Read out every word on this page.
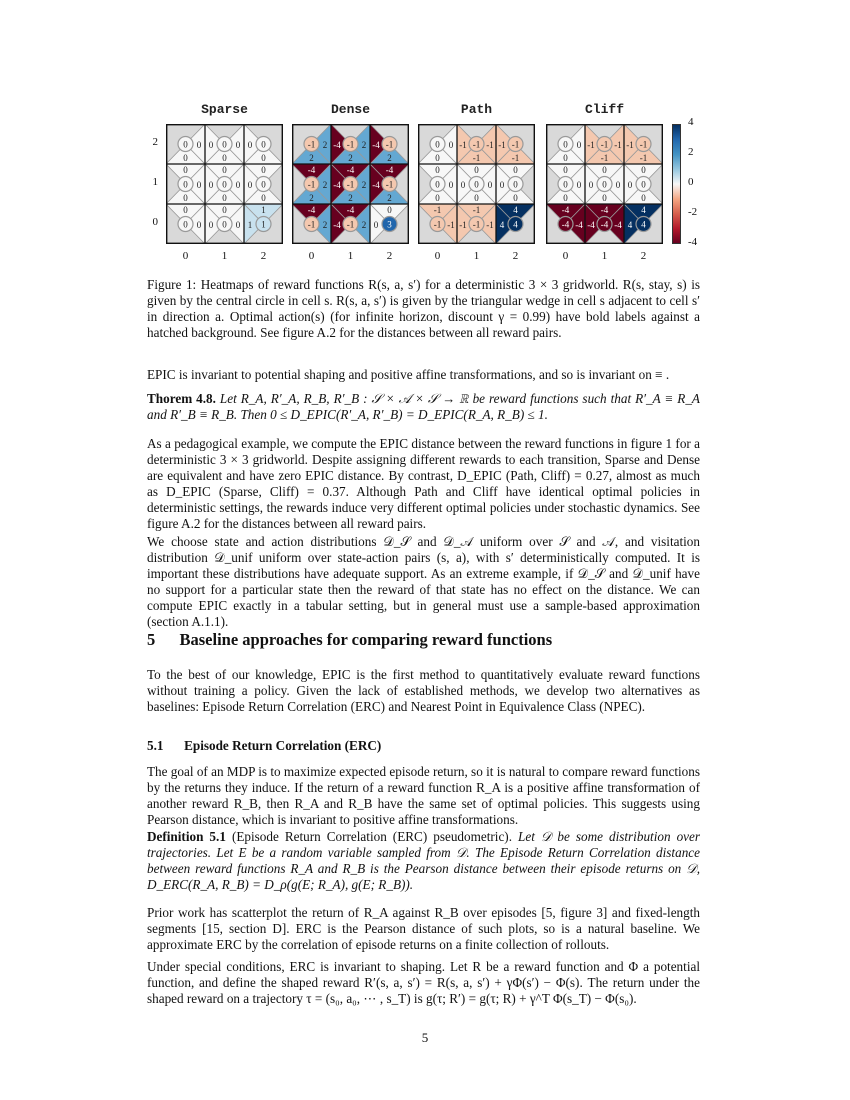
Sparse	Dense	Path	Cliff
0
0
0
0
0
0
0
0
0
0
0
0	0
0
0
0
0	0
0
0
0	0
0
1
1 1
0
0
0 0
0
0 0
-4
2
-1
-4
2
2
-1
2
2
-1
-4
-4 2
-1
-4
2
-4 2
-1
2
-4 2
-1
0
0 3
-4
2
-4 -1
2
-4 -1
-1
-1
-1
0
0
0
0
0
0
0
-1
-1 -1
-1
0
0
0	0
0
-1
-1 -1
-1
4
4 4
0
0
0 0
-1
-1 -1
-4
-4
-4
0
0
0
0
0
0
0
-4
-4 -4
-4
0
0
0	0
0
-1
-1 -1
-1
4
4 4
0
0
0 0
-1
-1 -1
2
1
0
0	1	2	0	1	2	0	1	2	0	1	2
4
2
0
-2
-4

Figure 1: Heatmaps of reward functions R(s, a, s′) for a deterministic 3 × 3 gridworld. R(s, stay, s) is given by the central circle in cell s. R(s, a, s′) is given by the triangular wedge in cell s adjacent to cell s′ in direction a. Optimal action(s) (for infinite horizon, discount γ = 0.99) have bold labels against a hatched background. See figure A.2 for the distances between all reward pairs.

EPIC is invariant to potential shaping and positive affine transformations, and so is invariant on ≡ .
Thorem 4.8. Let R_A, R′_A, R_B, R′_B : 𝒮 × 𝒜 × 𝒮 → ℝ be reward functions such that R′_A ≡ R_A and R′_B ≡ R_B. Then 0 ≤ D_EPIC(R′_A, R′_B) = D_EPIC(R_A, R_B) ≤ 1.
As a pedagogical example, we compute the EPIC distance between the reward functions in figure 1 for a deterministic 3 × 3 gridworld. Despite assigning different rewards to each transition, Sparse and Dense are equivalent and have zero EPIC distance. By contrast, D_EPIC (Path, Cliff) = 0.27, almost as much as D_EPIC (Sparse, Cliff) = 0.37. Although Path and Cliff have identical optimal policies in deterministic settings, the rewards induce very different optimal policies under stochastic dynamics. See figure A.2 for the distances between all reward pairs.
We choose state and action distributions 𝒟_𝒮 and 𝒟_𝒜 uniform over 𝒮 and 𝒜, and visitation distribution 𝒟_unif uniform over state-action pairs (s, a), with s′ deterministically computed. It is important these distributions have adequate support. As an extreme example, if 𝒟_𝒮 and 𝒟_unif have no support for a particular state then the reward of that state has no effect on the distance. We can compute EPIC exactly in a tabular setting, but in general must use a sample-based approximation (section A.1.1).
5 Baseline approaches for comparing reward functions
To the best of our knowledge, EPIC is the first method to quantitatively evaluate reward functions without training a policy. Given the lack of established methods, we develop two alternatives as baselines: Episode Return Correlation (ERC) and Nearest Point in Equivalence Class (NPEC).
5.1 Episode Return Correlation (ERC)
The goal of an MDP is to maximize expected episode return, so it is natural to compare reward functions by the returns they induce. If the return of a reward function R_A is a positive affine transformation of another reward R_B, then R_A and R_B have the same set of optimal policies. This suggests using Pearson distance, which is invariant to positive affine transformations.
Definition 5.1 (Episode Return Correlation (ERC) pseudometric). Let 𝒟 be some distribution over trajectories. Let E be a random variable sampled from 𝒟. The Episode Return Correlation distance between reward functions R_A and R_B is the Pearson distance between their episode returns on 𝒟, D_ERC(R_A, R_B) = D_ρ(g(E; R_A), g(E; R_B)).
Prior work has scatterplot the return of R_A against R_B over episodes [5, figure 3] and fixed-length segments [15, section D]. ERC is the Pearson distance of such plots, so is a natural baseline. We approximate ERC by the correlation of episode returns on a finite collection of rollouts.
Under special conditions, ERC is invariant to shaping. Let R be a reward function and Φ a potential function, and define the shaped reward R′(s, a, s′) = R(s, a, s′) + γΦ(s′) − Φ(s). The return under the shaped reward on a trajectory τ = (s₀, a₀, ⋯ , s_T) is g(τ; R′) = g(τ; R) + γ^T Φ(s_T) − Φ(s₀).
5
